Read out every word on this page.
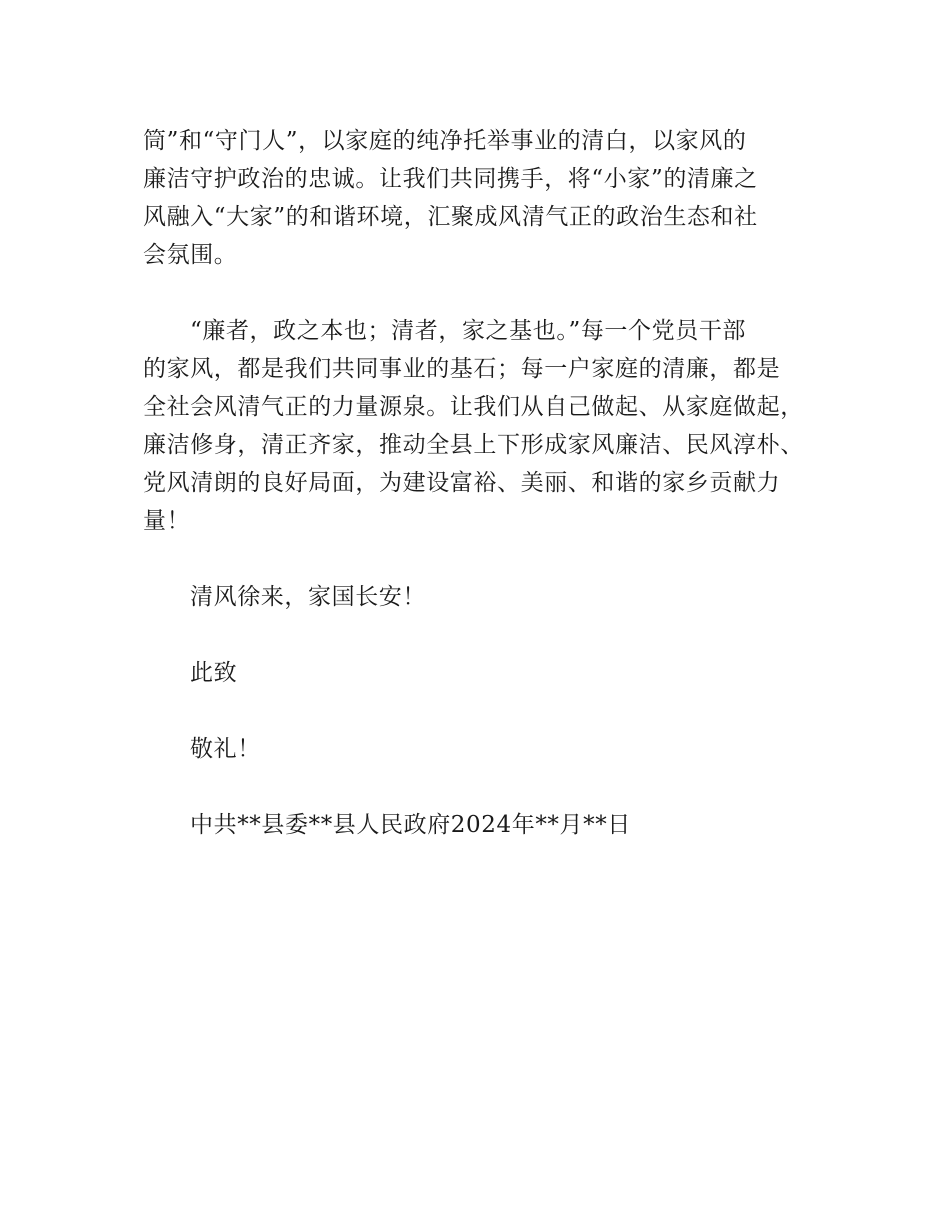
筒”和“守门人”，以家庭的纯净托举事业的清白，以家风的
廉洁守护政治的忠诚。让我们共同携手，将“小家”的清廉之
风融入“大家”的和谐环境，汇聚成风清气正的政治生态和社
会氛围。

“廉者，政之本也；清者，家之基也。”每一个党员干部
的家风，都是我们共同事业的基石；每一户家庭的清廉，都是
全社会风清气正的力量源泉。让我们从自己做起、从家庭做起，
廉洁修身，清正齐家，推动全县上下形成家风廉洁、民风淳朴、
党风清朗的良好局面，为建设富裕、美丽、和谐的家乡贡献力
量！

清风徐来，家国长安！

此致

敬礼！

中共**县委**县人民政府2024年**月**日
